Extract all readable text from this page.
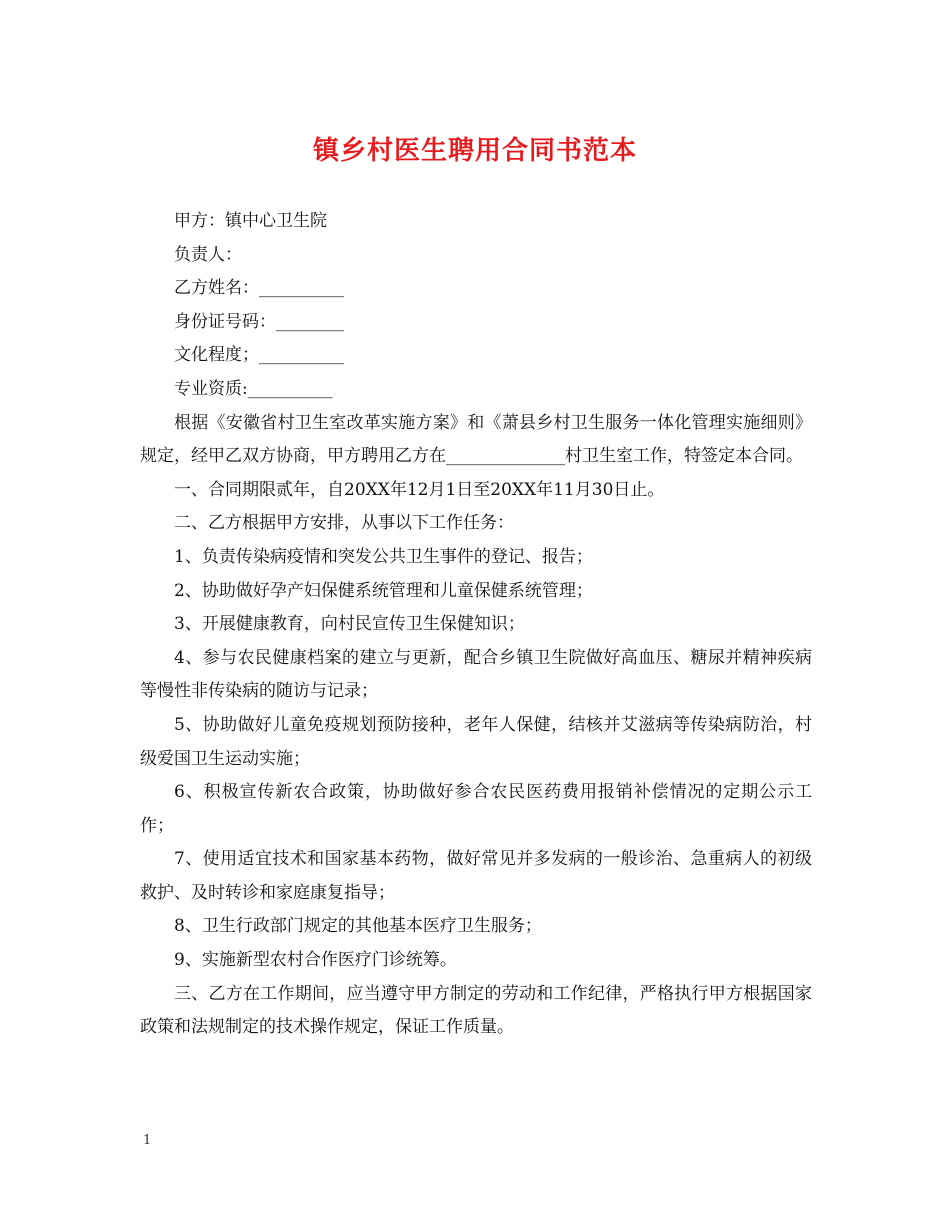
镇乡村医生聘用合同书范本

甲方：镇中心卫生院

负责人：

乙方姓名：__________

身份证号码：________

文化程度；__________

专业资质:__________

根据《安徽省村卫生室改革实施方案》和《萧县乡村卫生服务一体化管理实施细则》规定，经甲乙双方协商，甲方聘用乙方在______________村卫生室工作，特签定本合同。

一、合同期限贰年，自20XX年12月1日至20XX年11月30日止。

二、乙方根据甲方安排，从事以下工作任务：

1、负责传染病疫情和突发公共卫生事件的登记、报告；

2、协助做好孕产妇保健系统管理和儿童保健系统管理；

3、开展健康教育，向村民宣传卫生保健知识；

4、参与农民健康档案的建立与更新，配合乡镇卫生院做好高血压、糖尿并精神疾病等慢性非传染病的随访与记录；

5、协助做好儿童免疫规划预防接种，老年人保健，结核并艾滋病等传染病防治，村级爱国卫生运动实施；

6、积极宣传新农合政策，协助做好参合农民医药费用报销补偿情况的定期公示工作；

7、使用适宜技术和国家基本药物，做好常见并多发病的一般诊治、急重病人的初级救护、及时转诊和家庭康复指导；

8、卫生行政部门规定的其他基本医疗卫生服务；

9、实施新型农村合作医疗门诊统筹。

三、乙方在工作期间，应当遵守甲方制定的劳动和工作纪律，严格执行甲方根据国家政策和法规制定的技术操作规定，保证工作质量。

1
